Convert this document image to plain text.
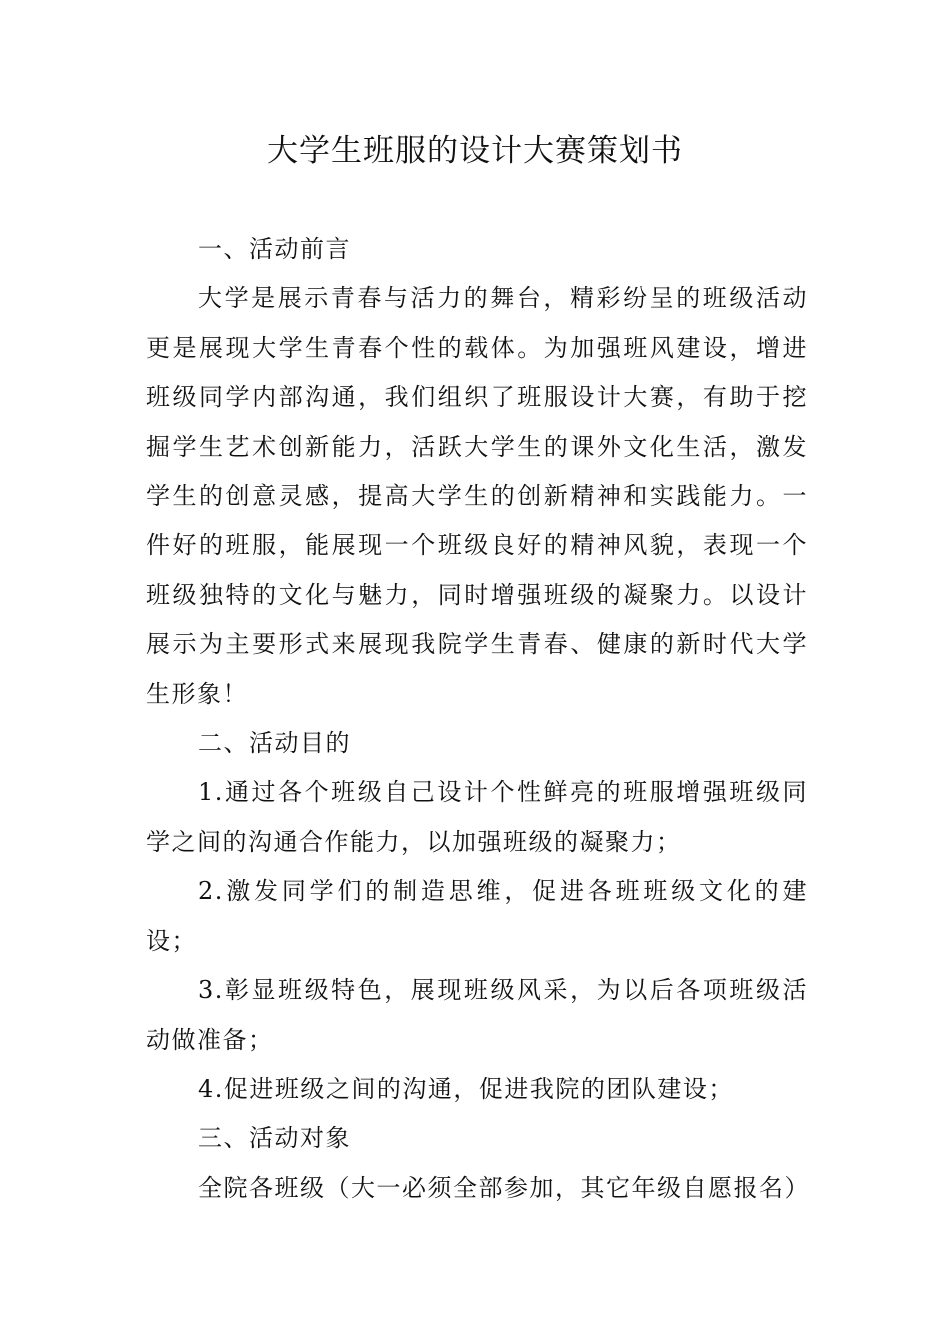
大学生班服的设计大赛策划书

一、活动前言

大学是展示青春与活力的舞台，精彩纷呈的班级活动更是展现大学生青春个性的载体。为加强班风建设，增进班级同学内部沟通，我们组织了班服设计大赛，有助于挖掘学生艺术创新能力，活跃大学生的课外文化生活，激发学生的创意灵感，提高大学生的创新精神和实践能力。一件好的班服，能展现一个班级良好的精神风貌，表现一个班级独特的文化与魅力，同时增强班级的凝聚力。以设计展示为主要形式来展现我院学生青春、健康的新时代大学生形象！

二、活动目的

1.通过各个班级自己设计个性鲜亮的班服增强班级同学之间的沟通合作能力，以加强班级的凝聚力；

2.激发同学们的制造思维，促进各班班级文化的建设；

3.彰显班级特色，展现班级风采，为以后各项班级活动做准备；

4.促进班级之间的沟通，促进我院的团队建设；

三、活动对象

全院各班级（大一必须全部参加，其它年级自愿报名）
